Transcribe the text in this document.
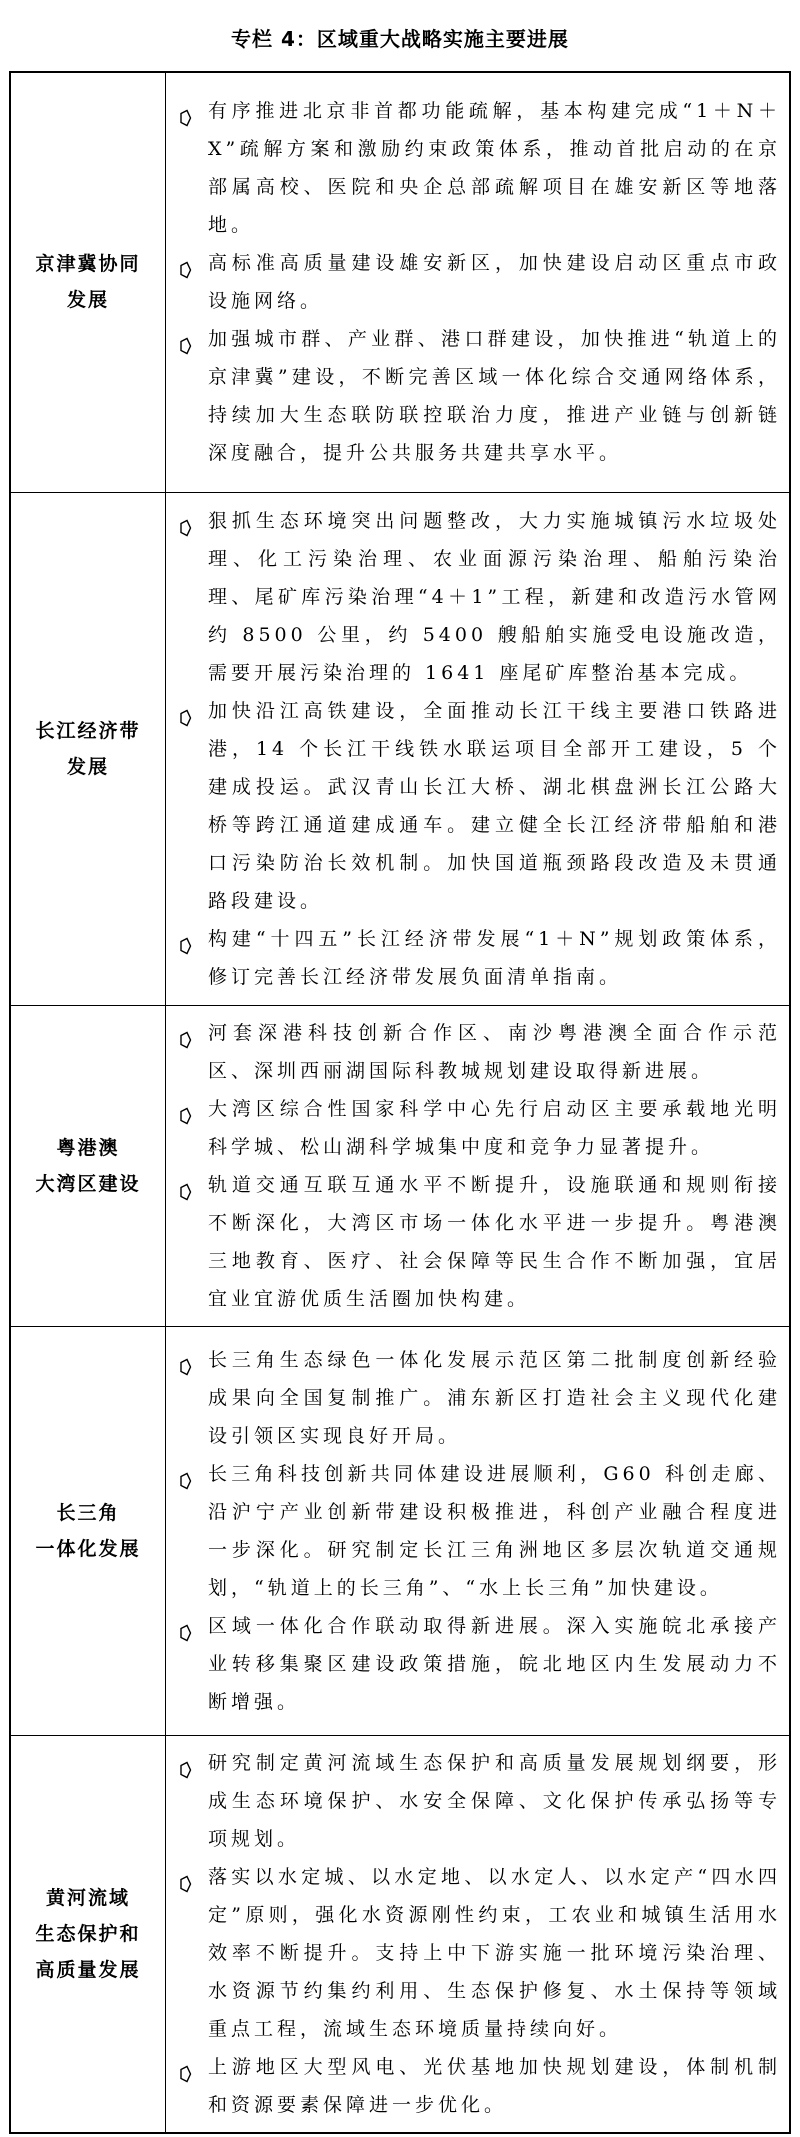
专栏 4：区域重大战略实施主要进展
京津冀协同
发展	
有序推进北京非首都功能疏解，基本构建完成“1＋N＋X”疏解方案和激励约束政策体系，推动首批启动的在京部属高校、医院和央企总部疏解项目在雄安新区等地落地。
高标准高质量建设雄安新区，加快建设启动区重点市政设施网络。
加强城市群、产业群、港口群建设，加快推进“轨道上的京津冀”建设，不断完善区域一体化综合交通网络体系，持续加大生态联防联控联治力度，推进产业链与创新链深度融合，提升公共服务共建共享水平。

长江经济带
发展	
狠抓生态环境突出问题整改，大力实施城镇污水垃圾处理、化工污染治理、农业面源污染治理、船舶污染治理、尾矿库污染治理“4＋1”工程，新建和改造污水管网约 8500 公里，约 5400 艘船舶实施受电设施改造，需要开展污染治理的 1641 座尾矿库整治基本完成。
加快沿江高铁建设，全面推动长江干线主要港口铁路进港，14 个长江干线铁水联运项目全部开工建设，5 个建成投运。武汉青山长江大桥、湖北棋盘洲长江公路大桥等跨江通道建成通车。建立健全长江经济带船舶和港口污染防治长效机制。加快国道瓶颈路段改造及未贯通路段建设。
构建“十四五”长江经济带发展“1＋N”规划政策体系，修订完善长江经济带发展负面清单指南。

粤港澳
大湾区建设	
河套深港科技创新合作区、南沙粤港澳全面合作示范区、深圳西丽湖国际科教城规划建设取得新进展。
大湾区综合性国家科学中心先行启动区主要承载地光明科学城、松山湖科学城集中度和竞争力显著提升。
轨道交通互联互通水平不断提升，设施联通和规则衔接不断深化，大湾区市场一体化水平进一步提升。粤港澳三地教育、医疗、社会保障等民生合作不断加强，宜居宜业宜游优质生活圈加快构建。

长三角
一体化发展	
长三角生态绿色一体化发展示范区第二批制度创新经验成果向全国复制推广。浦东新区打造社会主义现代化建设引领区实现良好开局。
长三角科技创新共同体建设进展顺利，G60 科创走廊、沿沪宁产业创新带建设积极推进，科创产业融合程度进一步深化。研究制定长江三角洲地区多层次轨道交通规划，“轨道上的长三角”、“水上长三角”加快建设。
区域一体化合作联动取得新进展。深入实施皖北承接产业转移集聚区建设政策措施，皖北地区内生发展动力不断增强。

黄河流域
生态保护和
高质量发展	
研究制定黄河流域生态保护和高质量发展规划纲要，形成生态环境保护、水安全保障、文化保护传承弘扬等专项规划。
落实以水定城、以水定地、以水定人、以水定产“四水四定”原则，强化水资源刚性约束，工农业和城镇生活用水效率不断提升。支持上中下游实施一批环境污染治理、水资源节约集约利用、生态保护修复、水土保持等领域重点工程，流域生态环境质量持续向好。
上游地区大型风电、光伏基地加快规划建设，体制机制和资源要素保障进一步优化。
